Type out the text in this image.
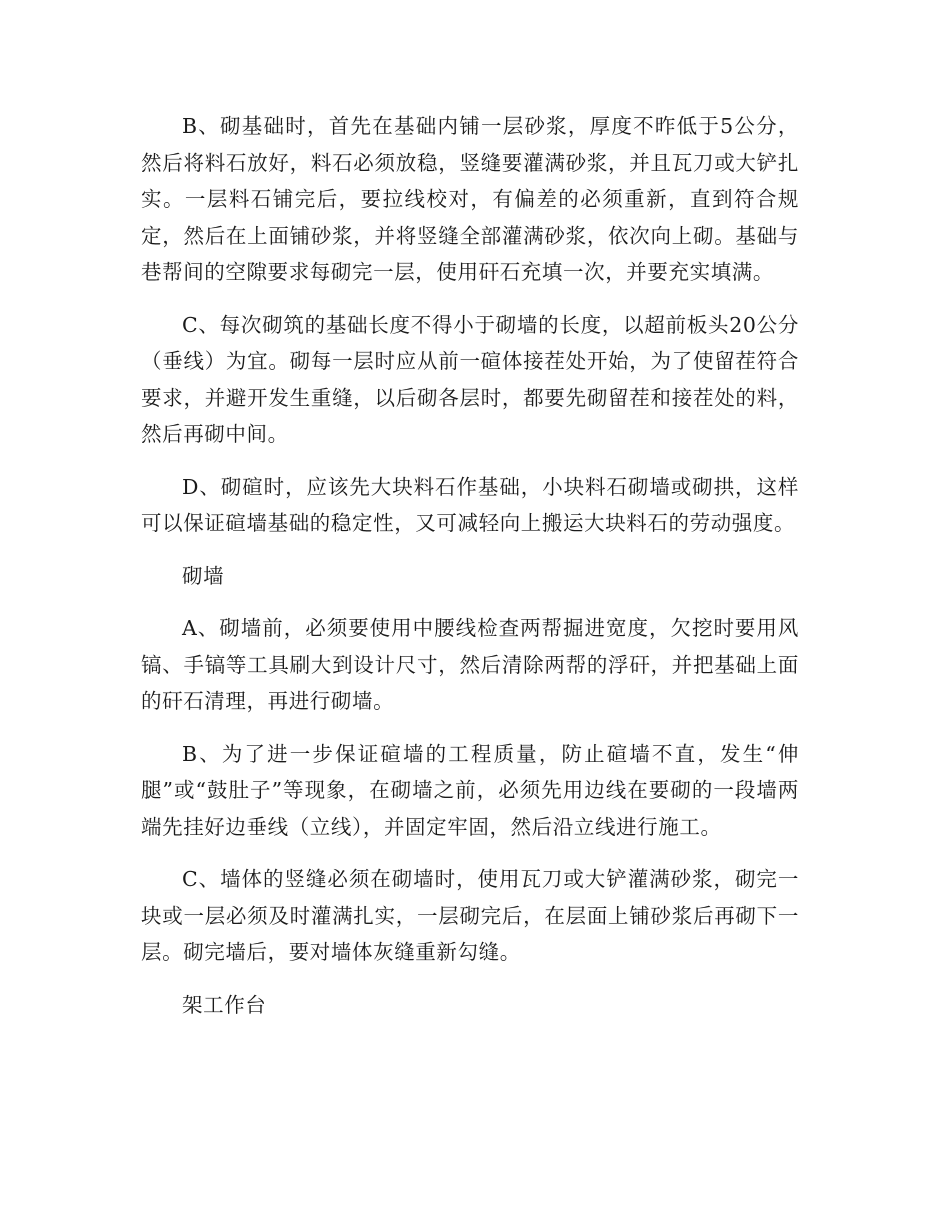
B、砌基础时，首先在基础内铺一层砂浆，厚度不昨低于5公分，然后将料石放好，料石必须放稳，竖缝要灌满砂浆，并且瓦刀或大铲扎实。一层料石铺完后，要拉线校对，有偏差的必须重新，直到符合规定，然后在上面铺砂浆，并将竖缝全部灌满砂浆，依次向上砌。基础与巷帮间的空隙要求每砌完一层，使用矸石充填一次，并要充实填满。

C、每次砌筑的基础长度不得小于砌墙的长度，以超前板头20公分（垂线）为宜。砌每一层时应从前一碹体接茬处开始，为了使留茬符合要求，并避开发生重缝，以后砌各层时，都要先砌留茬和接茬处的料，然后再砌中间。

D、砌碹时，应该先大块料石作基础，小块料石砌墙或砌拱，这样可以保证碹墙基础的稳定性，又可减轻向上搬运大块料石的劳动强度。

砌墙

A、砌墙前，必须要使用中腰线检查两帮掘进宽度，欠挖时要用风镐、手镐等工具刷大到设计尺寸，然后清除两帮的浮矸，并把基础上面的矸石清理，再进行砌墙。

B、为了进一步保证碹墙的工程质量，防止碹墙不直，发生“伸腿”或“鼓肚子”等现象，在砌墙之前，必须先用边线在要砌的一段墙两端先挂好边垂线（立线），并固定牢固，然后沿立线进行施工。

C、墙体的竖缝必须在砌墙时，使用瓦刀或大铲灌满砂浆，砌完一块或一层必须及时灌满扎实，一层砌完后，在层面上铺砂浆后再砌下一层。砌完墙后，要对墙体灰缝重新勾缝。

架工作台
